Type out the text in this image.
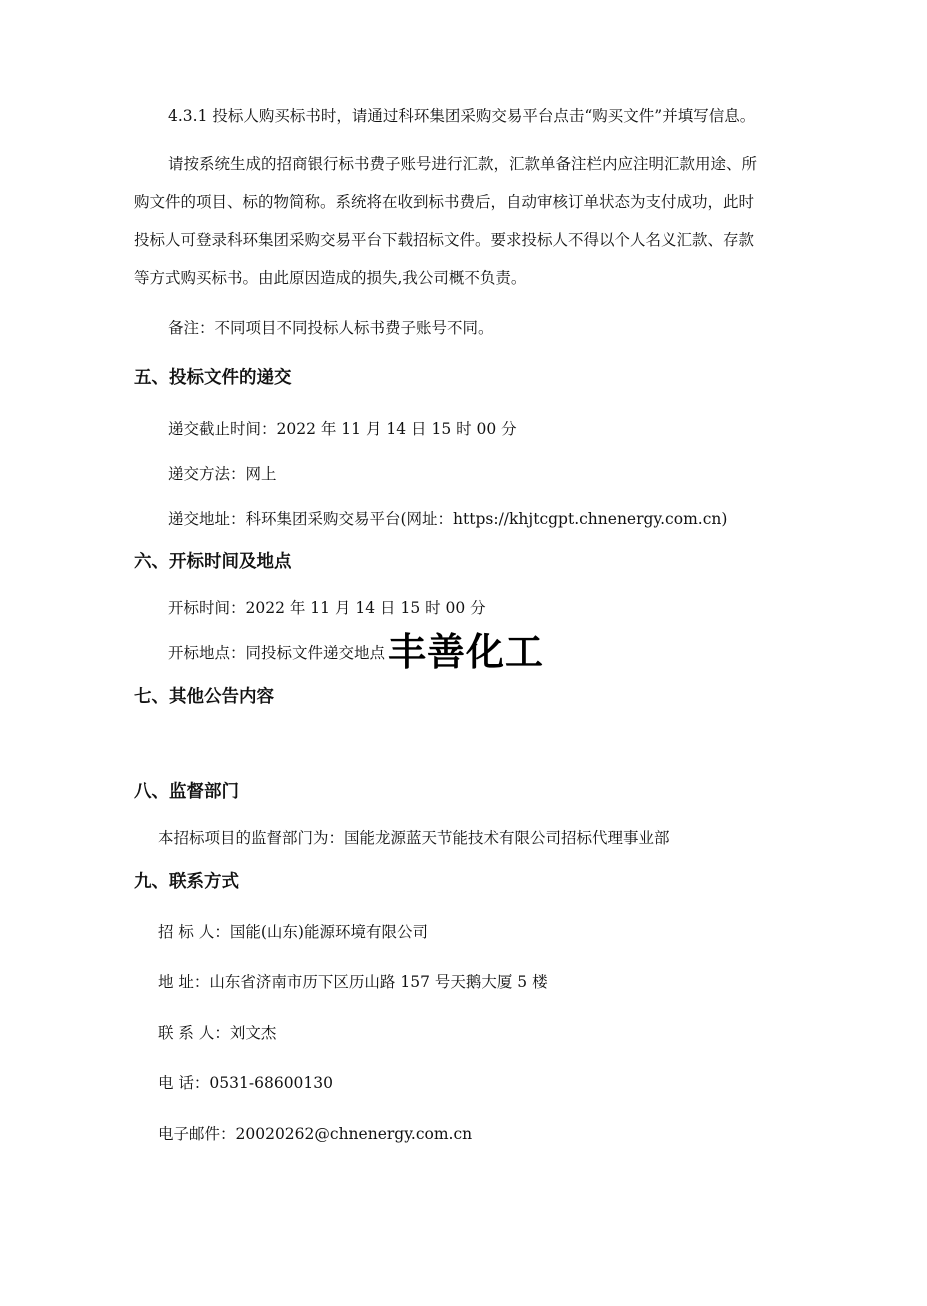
4.3.1 投标人购买标书时，请通过科环集团采购交易平台点击“购买文件”并填写信息。
请按系统生成的招商银行标书费子账号进行汇款，汇款单备注栏内应注明汇款用途、所
购文件的项目、标的物简称。系统将在收到标书费后，自动审核订单状态为支付成功，此时
投标人可登录科环集团采购交易平台下载招标文件。要求投标人不得以个人名义汇款、存款
等方式购买标书。由此原因造成的损失,我公司概不负责。
备注：不同项目不同投标人标书费子账号不同。
五、投标文件的递交
递交截止时间：2022 年 11 月 14 日 15 时 00 分
递交方法：网上
递交地址：科环集团采购交易平台(网址：https://khjtcgpt.chnenergy.com.cn)
六、开标时间及地点
开标时间：2022 年 11 月 14 日 15 时 00 分
开标地点：同投标文件递交地点 丰善化工
七、其他公告内容
八、监督部门
本招标项目的监督部门为：国能龙源蓝天节能技术有限公司招标代理事业部
九、联系方式
招 标 人：国能(山东)能源环境有限公司
地 址：山东省济南市历下区历山路 157 号天鹅大厦 5 楼
联 系 人：刘文杰
电 话：0531-68600130
电子邮件：20020262@chnenergy.com.cn
